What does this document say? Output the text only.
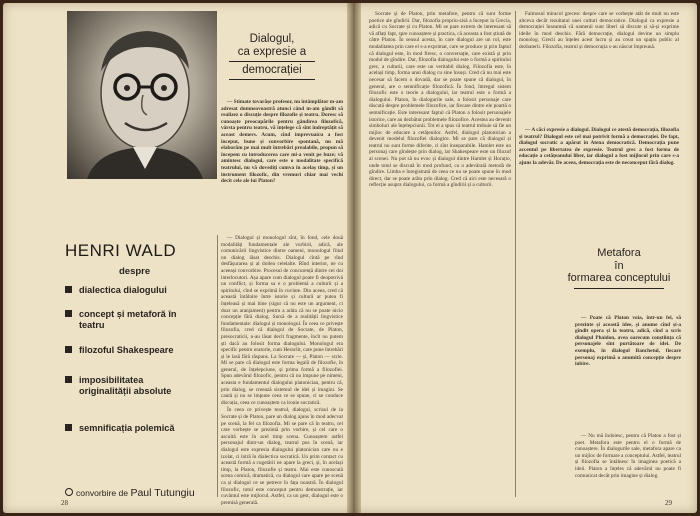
Dialogul,
ca expresie a
democrației

— Stimate tovarășe profesor, nu întâmplător m-am adresat dumneavoastră atunci când m-am gândit să realizez o discuție despre filozofie și teatru. Doresc să cunoaște preocupările pentru gândirea filozofică, vârsta pentru teatru, vă înțelege că sînt îndreptățit să aceast demers. Acum, cînd imprevuaicu a fost început, bune și convorbire spontană, nu mă elaborăm pe mai mult întrebări prealabile, propun să începem cu introducerea care mi-a venit pe buze; vă amintesc dialogul, care este o modalitate specifică teatrului, nu vă dovediți cumva în acelaș timp, și un instrument filozofic, din vremuri chiar mai vechi decît cele ale lui Platon?

HENRI WALD
despre
dialectica dialogului
concept și metaforă în teatru
filozoful Shakespeare
imposibilitatea originalității absolute
semnificația polemică
convorbire de Paul Tutungiu

— Dialogul și monologul sînt, în fond, cele două modalități fundamentale ale vorbirii, adică, ale comunicării lingvistice dintre oameni, monologul fiind un dialog lăsat deschis. Dialogul cîntă pe rînd desfășurarea și al doilea celelalte. Rînd interior, ne cu aceeași convorbire. Procesul de concurență dintre cei doi interlocutori. Așa apare cum dialogul poate fi deopotrivă un conflict, și forma sa e o problemă a culturii și a spiritului, cînd se exprimă în cuvinte. Din aceea, cred că această întâlnire între istorie și cultură ar putea fi înțeleasă și mai bine (sigur că nu este un argument, ci doar un aranjament) pentru a arăta că nu se poate nicio concepție fără dialog. Sursă de a realității lingvistice fundamentale: dialogul și monologul. În ceea ce privește filozofia, cred că dialogul de Socrate, de Platon, presocraticii, n-au lăsat decît fragmente, încît nu putem ști dacă au folosit forma dialogului. Monologul era specific pentru oratorie, cum Heraclit, care pune întrebări și le lasă fără răspuns. La Socrate — și, Platon — scrie. Mi se pare că dialogul este forma legală de filozofie, în general, de înțelepciune, și prima formă a filozofiei. Spun adevărul filozofic, pentru că nu impune pe nimeni, aceasta e fundamentul dialogului platonician, pentru că, prin dialog, se creează sistemul de idei și imagini. Se caută și nu se impune ceea ce se spune, ci se conduce discuția, ceea ce cunoaștem ca ironie socratică.

În ceea ce privește teatrul, dialogul, scrisul de la Socrate și de Platon, pare un dialog ajuns în mod adecvat pe scenă, la fel ca filozofia. Mi se pare că în teatru, cel care vorbește se prezintă prin vorbire, și cel care o ascultă este în acel timp scena. Cunoaștem astfel personajul dintr-un dialog, teatrul pus în scenă, iar dialogul este expresia dialogului platonician care nu e izolat, ci intră în dialectica socratică. Un prim contact cu această formă a cugetării ne apare la greci, și, în același timp, la Platon, filozofie și teatru. Mai este cunoscută scena comică, dramatică, cu dialogul care apare pe scenă ca și dialogul ce se petrece în fața noastră. În dialogul filozofic, totul este conceput pentru demonstrație, iar cuvântul este mijlocul. Astfel, ca un gest, dialogul este o premisă generală.

28

Socrate și de Platon, prin metafore, pentru că sunt forme poetice ale gîndirii. Dar, filozofia propriu-zisă a început la Grecia, adică cu Socrate și cu Platon. Mi se pare extrem de interesant să vă aflați fapt, spre cunoaștere și practica, că aceasta a fost știută de către Platon. În sensul acesta, în care dialogul are un rol, este modalitatea prin care el s-a exprimat, care se produce și prin faptul că dialogul este, în mod firesc, o conversație, care există și prin modul de gîndire. Dar, filozofia dialogului este o formă a spiritului grec, a culturii, care este un veritabil dialog. Filozofia este, în același timp, forma unui dialog cu sine însuși. Cred că nu mai este necesar să facem o dovadă, dar se poate spune că dialogul, în general, are o semnificație filozofică. În fond, întregul sistem filozofic este o teorie a dialogului, iar teatrul este o formă a dialogului. Platon, în dialogurile sale, a folosit personaje care discută despre problemele filozofice, iar fiecare dintre ele poartă o semnificație. Este interesant faptul că Platon a folosit personajele istorice, care au dezbătut problemele filozofice. Acestea au devenit simboluri ale înțelepciunii. Tot el a spus că teatrul trebuie să fie un mijloc de educare a cetățenilor. Astfel, dialogul platonician a devenit modelul filozofiei dialogice. Mi se pare că dialogul și teatrul nu sunt forme diferite, ci sînt inseparabile. Hamlet este un personaj care gîndește prin dialog, iar Shakespeare este un filozof al scenei. Nu pot să nu evoc și dialogul dintre Hamlet și Horațio, unde totul se discută în mod profund, cu o adevărată metodă de gîndire. Limba e înregistrată de ceea ce nu se poate spune în mod direct, dar se poate arăta prin dialog. Cred că aici este necesară o reflecție asupra dialogului, ca formă a gîndirii și a culturii.

Faimosul miracol grecesc despre care se vorbește atât de mult nu este altceva decât rezultatul unei culturi democratice. Dialogul ca expresie a democrației înseamnă că oamenii sunt liberi să discute și să-și exprime ideile în mod deschis. Fără democrație, dialogul devine un simplu monolog. Grecii au înțeles acest lucru și au creat un spațiu public al dezbaterii. Filozofia, teatrul și democrația s-au născut împreună.

— A căci expresie a dialogul. Dialogul ce atestă democrația, filozofia și teatrul? Dialogul este cel mai potrivit formă a democrației. De fapt, dialogul socratic a apărut în Atena democratică. Democrația pune accentul pe libertatea de expresie. Teatrul grec a fost forma de educație a cetățeanului liber, iar dialogul a fost mijlocul prin care s-a ajuns la adevăr. De aceea, democrația este de neconceput fără dialog.

Metafora
în
formarea conceptului

— Poate că Platon voia, într-un fel, să prezinte și această idee, și anume cînd și-a gîndit opera și la teatru, adică, cînd a scris dialogul Phaidon, avea oarecum conștiința că personajele sînt purtătoare de idei. De exemplu, în dialogul Banchetul, fiecare personaj exprimă o anumită concepție despre iubire.

— Nu mă îndoiesc, pentru că Platon a fost și poet. Metafora este pentru el o formă de cunoaștere. În dialogurile sale, metafora apare ca un mijloc de formare a conceptului. Astfel, teatrul și filozofia se întâlnesc în imaginea poetică a ideii. Platon a înțeles că adevărul nu poate fi comunicat decât prin imagine și dialog.

29
